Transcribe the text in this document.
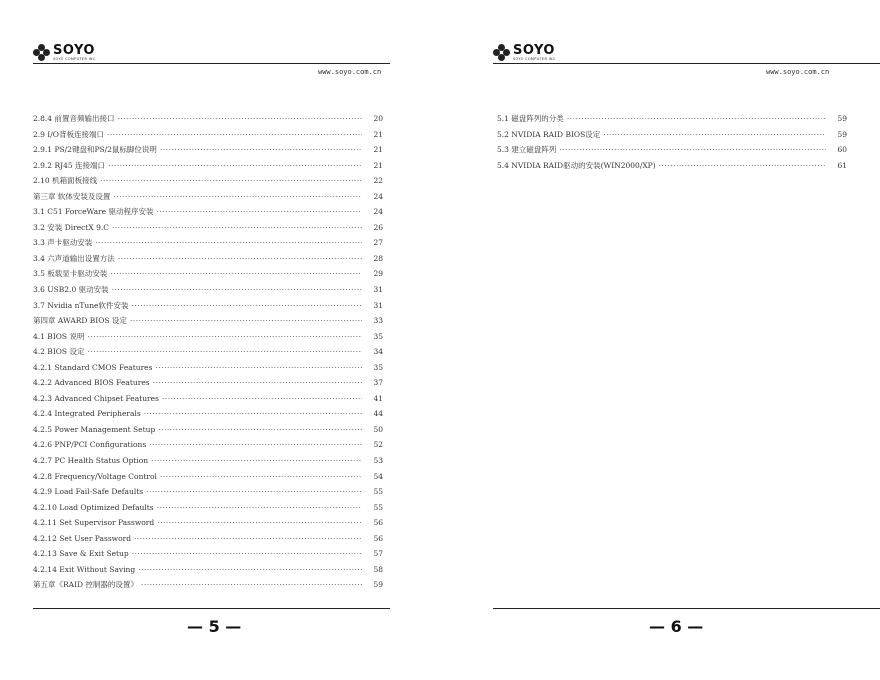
SOYO
SOYO COMPUTER INC
www.soyo.com.cn
2.8.4 前置音频输出接口 ·····	20
2.9 I/O背板连接端口 ·····	21
2.9.1 PS/2键盘和PS/2鼠标脚位说明 ·····	21
2.9.2 RJ45 连接端口 ·····	21
2.10 机箱面板接线 ·····	22
第三章 软体安装及设置 ·····	24
3.1 C51 ForceWare 驱动程序安装 ·····	24
3.2 安装 DirectX 9.C ·····	26
3.3 声卡驱动安装 ·····	27
3.4 六声道输出设置方法 ·····	28
3.5 板载显卡驱动安装 ·····	29
3.6 USB2.0 驱动安装 ·····	31
3.7 Nvidia nTune软件安装 ·····	31
第四章 AWARD BIOS 设定 ·····	33
4.1 BIOS 说明 ·····	35
4.2 BIOS 设定 ·····	34
4.2.1 Standard CMOS Features ·····	35
4.2.2 Advanced BIOS Features ·····	37
4.2.3 Advanced Chipset Features ·····	41
4.2.4 Integrated Peripherals ·····	44
4.2.5 Power Management Setup ·····	50
4.2.6 PNP/PCI Configurations ·····	52
4.2.7 PC Health Status Option ·····	53
4.2.8 Frequency/Voltage Control ·····	54
4.2.9 Load Fail-Safe Defaults ·····	55
4.2.10 Load Optimized Defaults ·····	55
4.2.11 Set Supervisor Password ·····	56
4.2.12 Set User Password ·····	56
4.2.13 Save & Exit Setup ·····	57
4.2.14 Exit Without Saving ·····	58
第五章《RAID 控制器的设置》 ·····	59
— 5 —
SOYO
SOYO COMPUTER INC
www.soyo.com.cn
5.1 磁盘阵列的分类 ·····	59
5.2 NVIDIA RAID BIOS设定 ·····	59
5.3 建立磁盘阵列 ·····	60
5.4 NVIDIA RAID驱动的安装(WIN2000/XP) ·····	61
— 6 —
